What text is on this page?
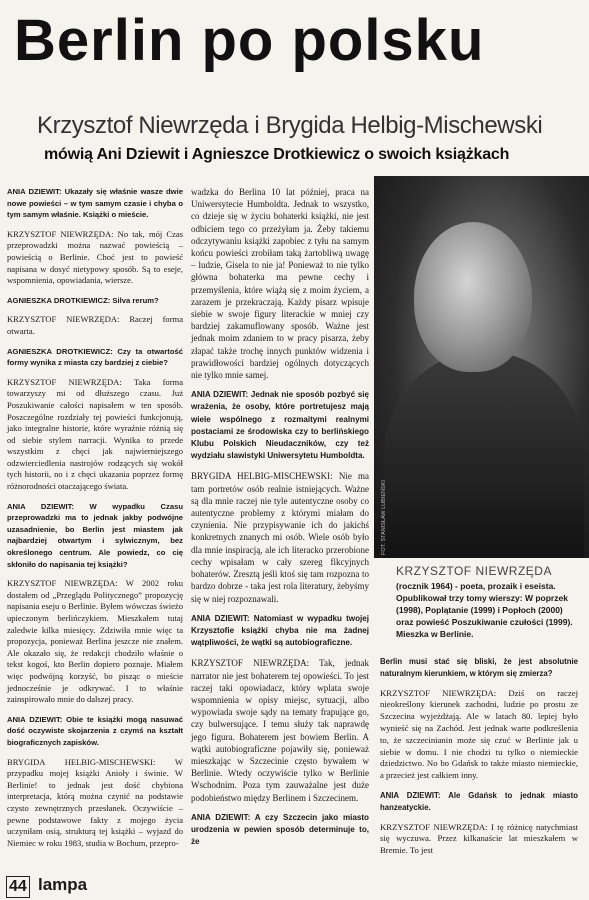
Berlin po polsku
Krzysztof Niewrzęda i Brygida Helbig-Mischewski
mówią Ani Dziewit i Agnieszce Drotkiewicz o swoich książkach

ANIA DZIEWIT: Ukazały się właśnie wasze dwie nowe powieści – w tym samym czasie i chyba o tym samym właśnie. Książki o mieście.

KRZYSZTOF NIEWRZĘDA: No tak, mój Czas przeprowadzki można nazwać powieścią – powieścią o Berlinie. Choć jest to powieść napisana w dosyć nietypowy sposób. Są to eseje, wspomnienia, opowiadania, wiersze.

AGNIESZKA DROTKIEWICZ: Silva rerum?

KRZYSZTOF NIEWRZĘDA: Raczej forma otwarta.

AGNIESZKA DROTKIEWICZ: Czy ta otwartość formy wynika z miasta czy bardziej z ciebie?

KRZYSZTOF NIEWRZĘDA: Taka forma towarzyszy mi od dłuższego czasu. Już Poszukiwanie całości napisałem w ten sposób. Poszczególne rozdziały tej powieści funkcjonują, jako integralne historie, które wyraźnie różnią się od siebie stylem narracji. Wynika to przede wszystkim z chęci jak najwierniejszego odzwierciedlenia nastrojów rodzących się wokół tych historii, no i z chęci ukazania poprzez formę różnorodności otaczającego świata.

ANIA DZIEWIT: W wypadku Czasu przeprowadzki ma to jednak jakby podwójne uzasadnienie, bo Berlin jest miastem jak najbardziej otwartym i sylwicznym, bez określonego centrum. Ale powiedz, co cię skłoniło do napisania tej książki?

KRZYSZTOF NIEWRZĘDA: W 2002 roku dostałem od „Przeglądu Politycznego” propozycję napisania eseju o Berlinie. Byłem wówczas świeżo upieczonym berlińczykiem. Mieszkałem tutaj zaledwie kilka miesięcy. Zdziwiła mnie więc ta propozycja, ponieważ Berlina jeszcze nie znałem. Ale okazało się, że redakcji chodziło właśnie o tekst kogoś, kto Berlin dopiero poznaje. Miałem więc podwójną korzyść, bo pisząc o mieście jednocześnie je odkrywać. I to właśnie zainspirowało mnie do dalszej pracy.

ANIA DZIEWIT: Obie te książki mogą nasuwać dość oczywiste skojarzenia z czymś na kształt biograficznych zapisków.

BRYGIDA HELBIG-MISCHEWSKI: W przypadku mojej książki Anioły i świnie. W Berlinie! to jednak jest dość chybiona interpretacja, którą można czynić na podstawie czysto zewnętrznych przesłanek. Oczywiście – pewne podstawowe fakty z mojego życia uczyniłam osią, strukturą tej książki – wyjazd do Niemiec w roku 1983, studia w Bochum, przepro-

wadzka do Berlina 10 lat później, praca na Uniwersytecie Humboldta. Jednak to wszystko, co dzieje się w życiu bohaterki książki, nie jest odbiciem tego co przeżyłam ja. Żeby takiemu odczytywaniu książki zapobiec z tyłu na samym końcu powieści zrobiłam taką żartobliwą uwagę – ludzie, Gisela to nie ja! Ponieważ to nie tylko główna bohaterka ma pewne cechy i przemyślenia, które wiążą się z moim życiem, a zarazem je przekraczają. Każdy pisarz wpisuje siebie w swoje figury literackie w mniej czy bardziej zakamuflowany sposób. Ważne jest jednak moim zdaniem to w pracy pisarza, żeby złapać także trochę innych punktów widzenia i prawidłowości bardziej ogólnych dotyczących nie tylko mnie samej.

ANIA DZIEWIT: Jednak nie sposób pozbyć się wrażenia, że osoby, które portretujesz mają wiele wspólnego z rozmaitymi realnymi postaciami ze środowiska czy to berlińskiego Klubu Polskich Nieudaczników, czy też wydziału slawistyki Uniwersytetu Humboldta.

BRYGIDA HELBIG-MISCHEWSKI: Nie ma tam portretów osób realnie istniejących. Ważne są dla mnie raczej nie tyle autentyczne osoby co autentyczne problemy z którymi miałam do czynienia. Nie przypisywanie ich do jakichś konkretnych znanych mi osób. Wiele osób było dla mnie inspiracją, ale ich literacko przerobione cechy wpisałam w cały szereg fikcyjnych bohaterów. Zresztą jeśli ktoś się tam rozpozna to bardzo dobrze - taka jest rola literatury, żebyśmy się w niej rozpoznawali.

ANIA DZIEWIT: Natomiast w wypadku twojej Krzysztofie książki chyba nie ma żadnej wątpliwości, że wątki są autobiograficzne.

KRZYSZTOF NIEWRZĘDA: Tak, jednak narrator nie jest bohaterem tej opowieści. To jest raczej taki opowiadacz, który wplata swoje wspomnienia w opisy miejsc, sytuacji, albo wypowiada swoje sądy na tematy frapujące go, czy bulwersujące. I temu służy tak naprawdę jego figura. Bohaterem jest bowiem Berlin. A wątki autobiograficzne pojawiły się, ponieważ mieszkając w Szczecinie często bywałem w Berlinie. Wtedy oczywiście tylko w Berlinie Wschodnim. Poza tym zauważalne jest duże podobieństwo między Berlinem i Szczecinem.

ANIA DZIEWIT: A czy Szczecin jako miasto urodzenia w pewien sposób determinuje to, że

FOT.
KRZYSZTOF NIEWRZĘDA
(rocznik 1964) - poeta, prozaik i eseista. Opublikował trzy tomy wierszy: W poprzek (1998), Poplątanie (1999) i Popłoch (2000) oraz powieść Poszukiwanie czułości (1999). Mieszka w Berlinie.

Berlin musi stać się bliski, że jest absolutnie naturalnym kierunkiem, w którym się zmierza?

KRZYSZTOF NIEWRZĘDA: Dziś on raczej nieokreślony kierunek zachodni, ludzie po prostu ze Szczecina wyjeżdżają. Ale w latach 80. lepiej było wynieść się na Zachód. Jest jednak warte podkreślenia to, że szczecinianin może się czuć w Berlinie jak u siebie w domu. I nie chodzi tu tylko o niemieckie dziedzictwo. No bo Gdańsk to także miasto niemieckie, a przecież jest całkiem inny.

ANIA DZIEWIT: Ale Gdańsk to jednak miasto hanzeatyckie.

KRZYSZTOF NIEWRZĘDA: I tę różnicę natychmiast się wyczuwa. Przez kilkanaście lat mieszkałem w Bremie. To jest

44 lampa
